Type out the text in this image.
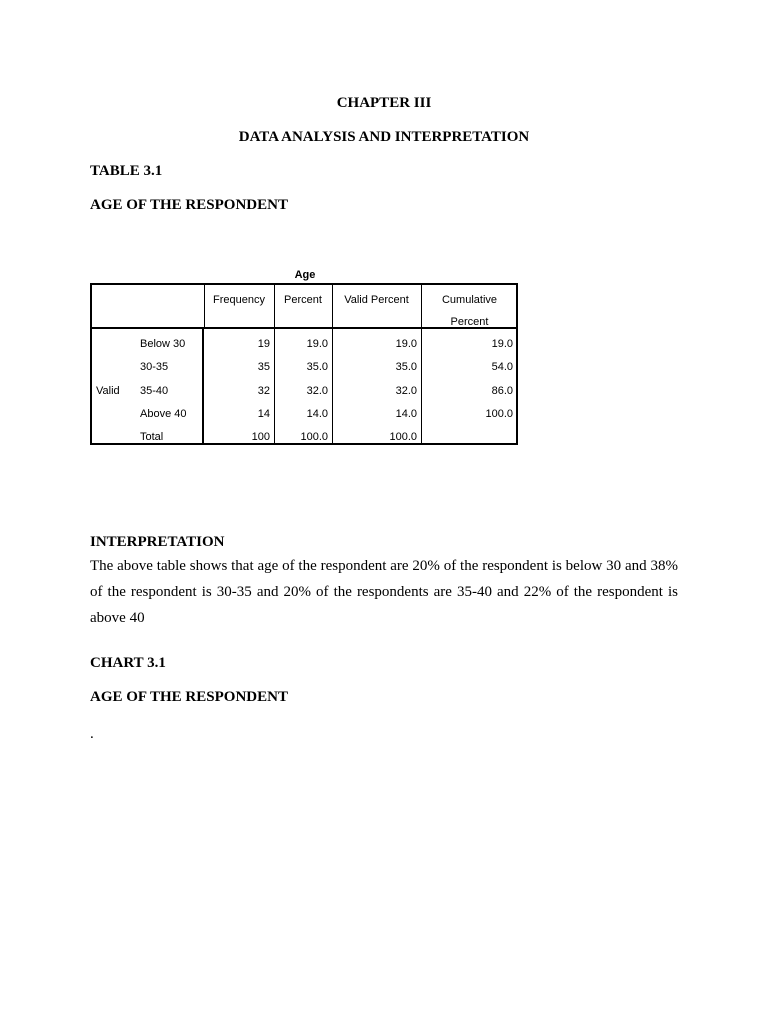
CHAPTER III
DATA ANALYSIS AND INTERPRETATION
TABLE 3.1
AGE OF THE RESPONDENT
Age
Frequency	Percent	Valid Percent	Cumulative
Percent
Valid
Below 30	19	19.0	19.0	19.0
30-35	35	35.0	35.0	54.0
35-40	32	32.0	32.0	86.0
Above 40	14	14.0	14.0	100.0
Total	100	100.0	100.0
INTERPRETATION
The above table shows that age of the respondent are 20% of the respondent is below 30 and 38% of the respondent is 30-35 and 20% of the respondents are 35-40 and 22% of the respondent is above 40
CHART 3.1
AGE OF THE RESPONDENT
.
